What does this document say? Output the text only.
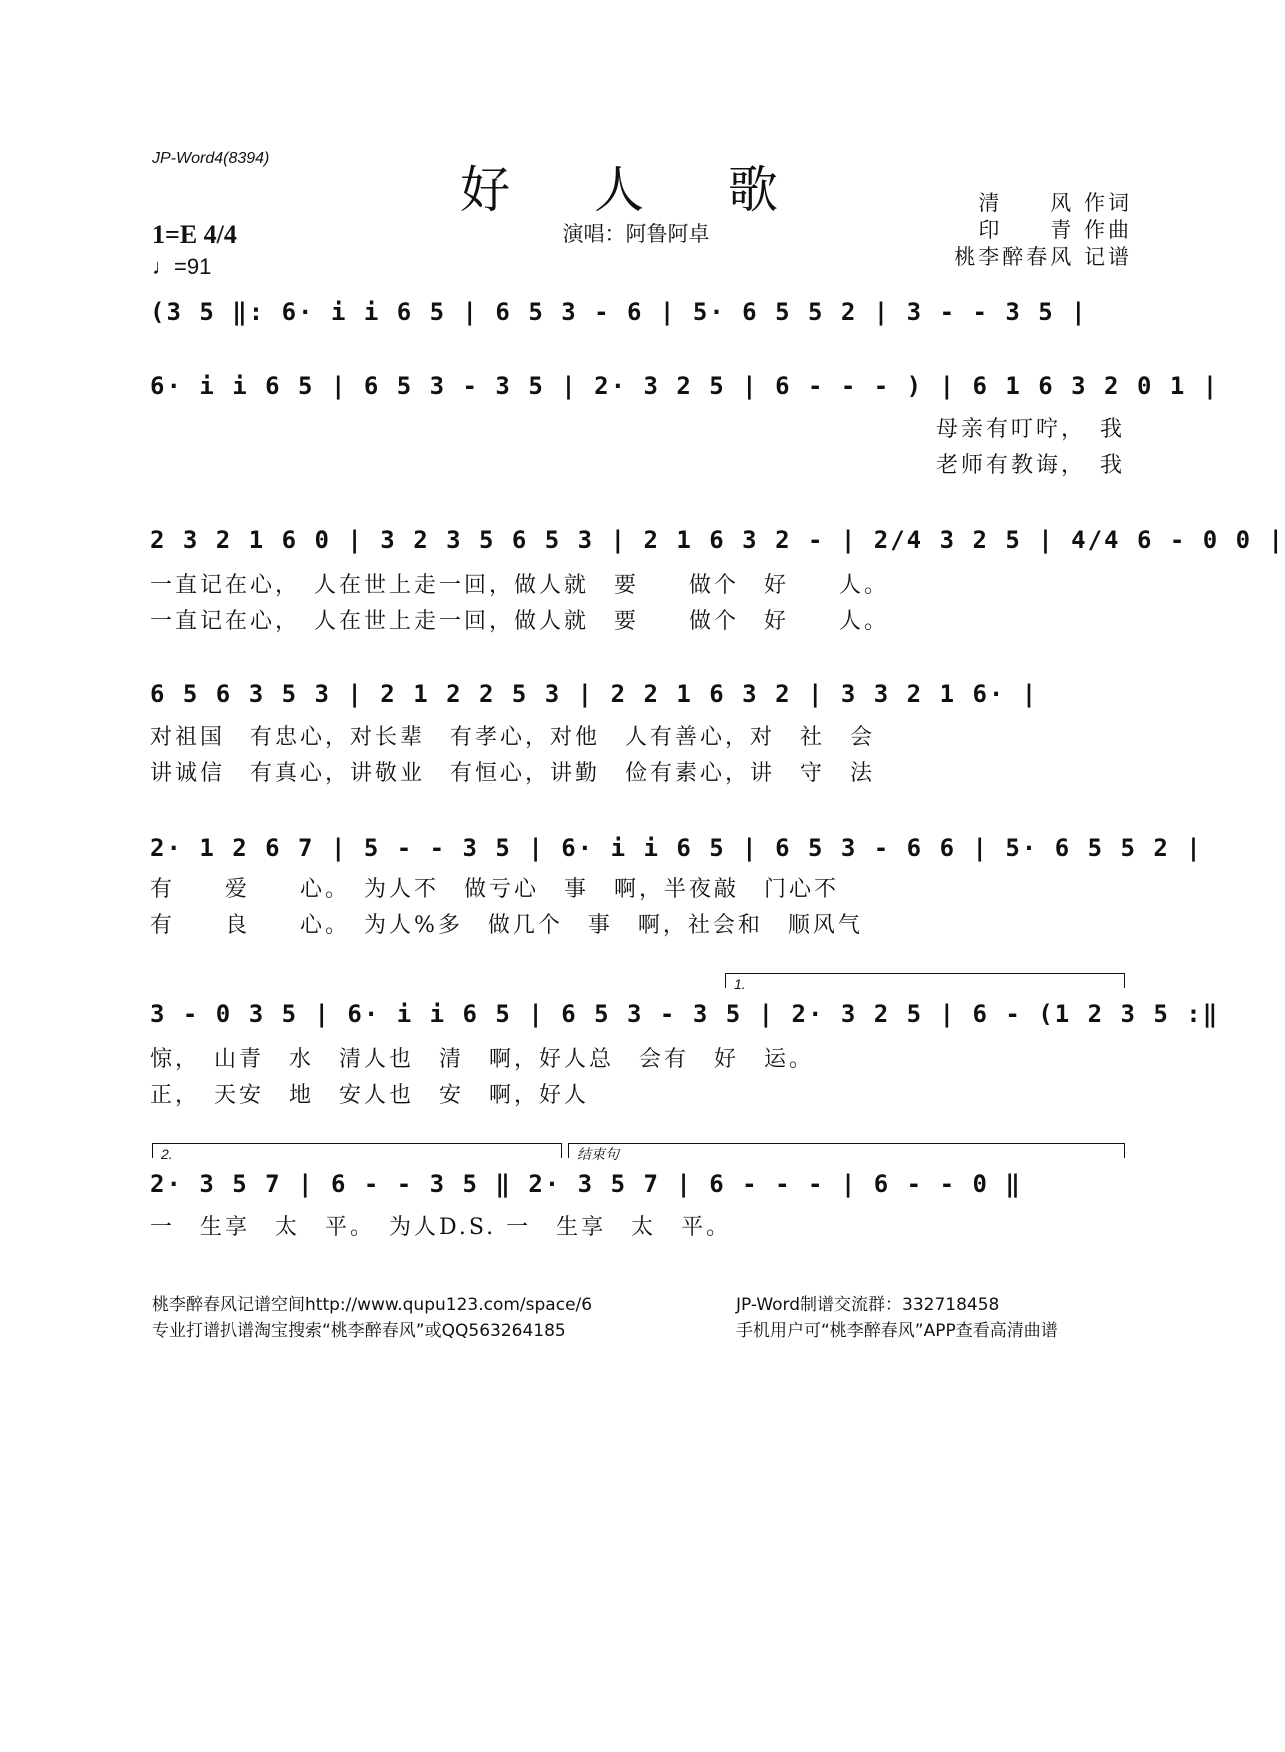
JP-Word4(8394)
好 人 歌
演唱：阿鲁阿卓
清　　风 作词
印　　青 作曲
桃李醉春风 记谱
1=E 4/4
♩=91
(3 5 ‖: 6· i i 6 5 | 6 5 3 - 6 | 5· 6 5 5 2 | 3 - - 3 5 |
6· i i 6 5 | 6 5 3 - 3 5 | 2· 3 2 5 | 6 - - - ) | 6 1 6 3 2 0 1 |
母亲有叮咛，　我
老师有教诲，　我
2 3 2 1 6 0 | 3 2 3 5 6 5 3 | 2 1 6 3 2 - | 2/4 3 2 5 | 4/4 6 - 0 0 |
一直记在心，　人在世上走一回，做人就　要　　做个　好　　人。
一直记在心，　人在世上走一回，做人就　要　　做个　好　　人。
6 5 6 3 5 3 | 2 1 2 2 5 3 | 2 2 1 6 3 2 | 3 3 2 1 6· |
对祖国　有忠心，对长辈　有孝心，对他　人有善心，对　社　会
讲诚信　有真心，讲敬业　有恒心，讲勤　俭有素心，讲　守　法
2· 1 2 6 7 | 5 - - 3 5 | 6· i i 6 5 | 6 5 3 - 6 6 | 5· 6 5 5 2 |
有　　爱　　心。　为人不　做亏心　事　啊，半夜敲　门心不
有　　良　　心。　为人%多　做几个　事　啊，社会和　顺风气
1.
3 - 0 3 5 | 6· i i 6 5 | 6 5 3 - 3 5 | 2· 3 2 5 | 6 - (1 2 3 5 :‖
惊，　山青　水　清人也　清　啊，好人总　会有　好　运。
正，　天安　地　安人也　安　啊，好人
2.	结束句
2· 3 5 7 | 6 - - 3 5 ‖ 2· 3 5 7 | 6 - - - | 6 - - 0 ‖
一　生享　太　平。　为人D.S. 一　生享　太　平。
桃李醉春风记谱空间http://www.qupu123.com/space/6
专业打谱扒谱淘宝搜索“桃李醉春风”或QQ563264185
JP-Word制谱交流群：332718458
手机用户可“桃李醉春风”APP查看高清曲谱
